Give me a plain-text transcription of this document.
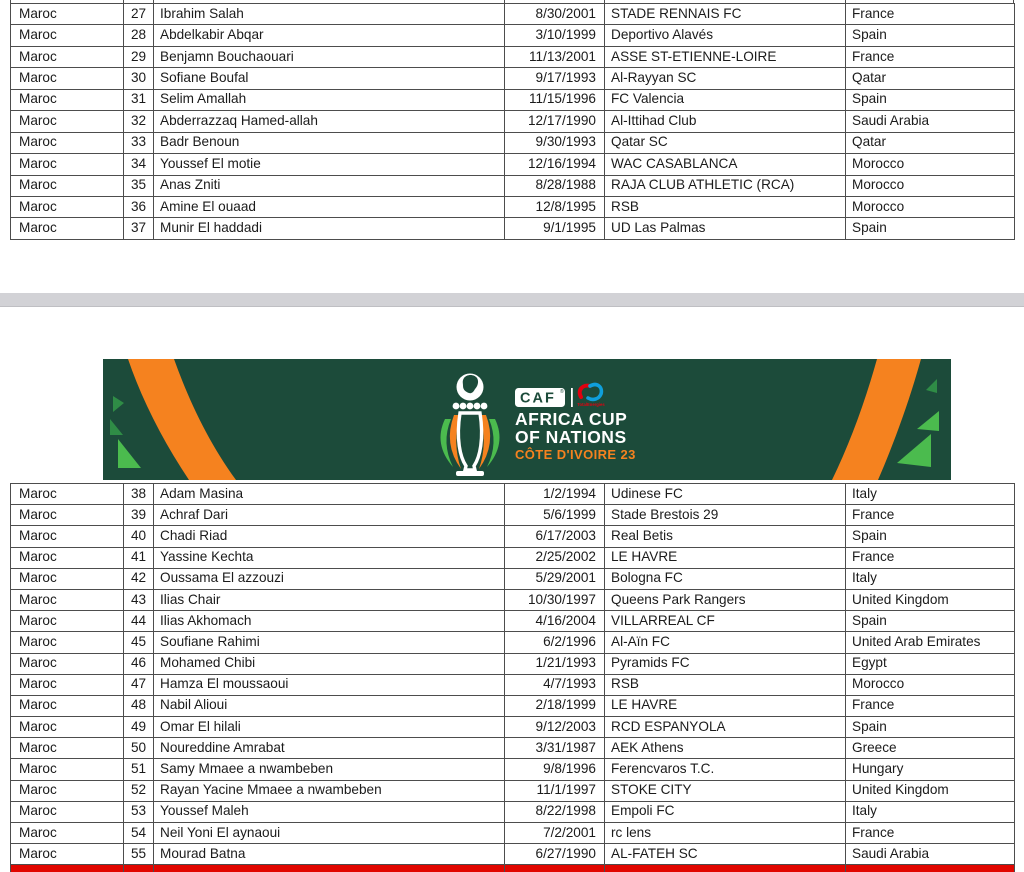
Maroc	27	Ibrahim Salah	8/30/2001	STADE RENNAIS FC	France
Maroc	28	Abdelkabir Abqar	3/10/1999	Deportivo Alavés	Spain
Maroc	29	Benjamn Bouchaouari	11/13/2001	ASSE ST-ETIENNE-LOIRE	France
Maroc	30	Sofiane Boufal	9/17/1993	Al-Rayyan SC	Qatar
Maroc	31	Selim Amallah	11/15/1996	FC Valencia	Spain
Maroc	32	Abderrazzaq Hamed-allah	12/17/1990	Al-Ittihad Club	Saudi Arabia
Maroc	33	Badr Benoun	9/30/1993	Qatar SC	Qatar
Maroc	34	Youssef El motie	12/16/1994	WAC CASABLANCA	Morocco
Maroc	35	Anas Zniti	8/28/1988	RAJA CLUB ATHLETIC (RCA)	Morocco
Maroc	36	Amine El ouaad	12/8/1995	RSB	Morocco
Maroc	37	Munir El haddadi	9/1/1995	UD Las Palmas	Spain
CAF ®
TotalEnergies
AFRICA CUP
OF NATIONS
CÔTE D'IVOIRE 23
Maroc	38	Adam Masina	1/2/1994	Udinese FC	Italy
Maroc	39	Achraf Dari	5/6/1999	Stade Brestois 29	France
Maroc	40	Chadi Riad	6/17/2003	Real Betis	Spain
Maroc	41	Yassine Kechta	2/25/2002	LE HAVRE	France
Maroc	42	Oussama El azzouzi	5/29/2001	Bologna FC	Italy
Maroc	43	Ilias Chair	10/30/1997	Queens Park Rangers	United Kingdom
Maroc	44	Ilias Akhomach	4/16/2004	VILLARREAL CF	Spain
Maroc	45	Soufiane Rahimi	6/2/1996	Al-Aïn FC	United Arab Emirates
Maroc	46	Mohamed Chibi	1/21/1993	Pyramids FC	Egypt
Maroc	47	Hamza El moussaoui	4/7/1993	RSB	Morocco
Maroc	48	Nabil Alioui	2/18/1999	LE HAVRE	France
Maroc	49	Omar El hilali	9/12/2003	RCD ESPANYOLA	Spain
Maroc	50	Noureddine Amrabat	3/31/1987	AEK Athens	Greece
Maroc	51	Samy Mmaee a nwambeben	9/8/1996	Ferencvaros T.C.	Hungary
Maroc	52	Rayan Yacine Mmaee a nwambeben	11/1/1997	STOKE CITY	United Kingdom
Maroc	53	Youssef Maleh	8/22/1998	Empoli FC	Italy
Maroc	54	Neil Yoni El aynaoui	7/2/2001	rc lens	France
Maroc	55	Mourad Batna	6/27/1990	AL-FATEH SC	Saudi Arabia
